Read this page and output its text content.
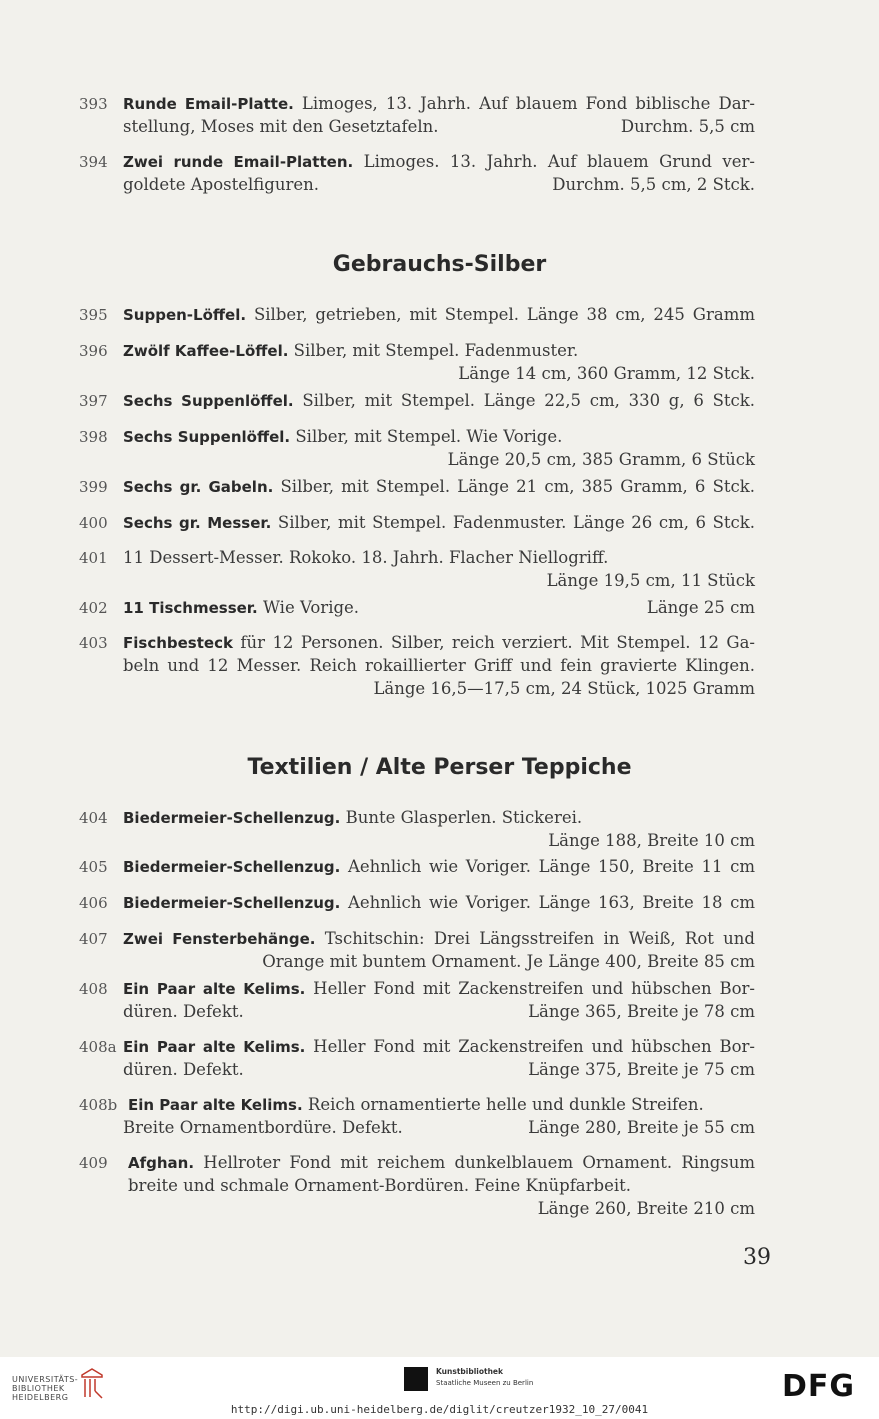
393 Runde Email-Platte. Limoges, 13. Jahrh. Auf blauem Fond biblische Dar-
stellung, Moses mit den Gesetztafeln.	Durchm. 5,5 cm
394 Zwei runde Email-Platten. Limoges. 13. Jahrh. Auf blauem Grund ver-
goldete Apostelfiguren.	Durchm. 5,5 cm, 2 Stck.
Gebrauchs-Silber
395 Suppen-Löffel. Silber, getrieben, mit Stempel. Länge 38 cm, 245 Gramm
396 Zwölf Kaffee-Löffel. Silber, mit Stempel. Fadenmuster.
Länge 14 cm, 360 Gramm, 12 Stck.
397 Sechs Suppenlöffel. Silber, mit Stempel. Länge 22,5 cm, 330 g, 6 Stck.
398 Sechs Suppenlöffel. Silber, mit Stempel. Wie Vorige.
Länge 20,5 cm, 385 Gramm, 6 Stück
399 Sechs gr. Gabeln. Silber, mit Stempel. Länge 21 cm, 385 Gramm, 6 Stck.
400 Sechs gr. Messer. Silber, mit Stempel. Fadenmuster. Länge 26 cm, 6 Stck.
401 11 Dessert-Messer. Rokoko. 18. Jahrh. Flacher Niellogriff.
Länge 19,5 cm, 11 Stück
402 11 Tischmesser. Wie Vorige.	Länge 25 cm
403 Fischbesteck für 12 Personen. Silber, reich verziert. Mit Stempel. 12 Ga-
beln und 12 Messer. Reich rokaillierter Griff und fein gravierte Klingen.
Länge 16,5—17,5 cm, 24 Stück, 1025 Gramm
Textilien / Alte Perser Teppiche
404 Biedermeier-Schellenzug. Bunte Glasperlen. Stickerei.
Länge 188, Breite 10 cm
405 Biedermeier-Schellenzug. Aehnlich wie Voriger. Länge 150, Breite 11 cm
406 Biedermeier-Schellenzug. Aehnlich wie Voriger. Länge 163, Breite 18 cm
407 Zwei Fensterbehänge. Tschitschin: Drei Längsstreifen in Weiß, Rot und
Orange mit buntem Ornament. Je Länge 400, Breite 85 cm
408 Ein Paar alte Kelims. Heller Fond mit Zackenstreifen und hübschen Bor-
düren. Defekt.	Länge 365, Breite je 78 cm
408a Ein Paar alte Kelims. Heller Fond mit Zackenstreifen und hübschen Bor-
düren. Defekt.	Länge 375, Breite je 75 cm
408b Ein Paar alte Kelims. Reich ornamentierte helle und dunkle Streifen.
Breite Ornamentbordüre. Defekt.	Länge 280, Breite je 55 cm
409 Afghan. Hellroter Fond mit reichem dunkelblauem Ornament. Ringsum
breite und schmale Ornament-Bordüren. Feine Knüpfarbeit.
Länge 260, Breite 210 cm
39
UNIVERSITÄTS-
BIBLIOTHEK
HEIDELBERG
Kunstbibliothek
Staatliche Museen zu Berlin	DFG
http://digi.ub.uni-heidelberg.de/diglit/creutzer1932_10_27/0041
